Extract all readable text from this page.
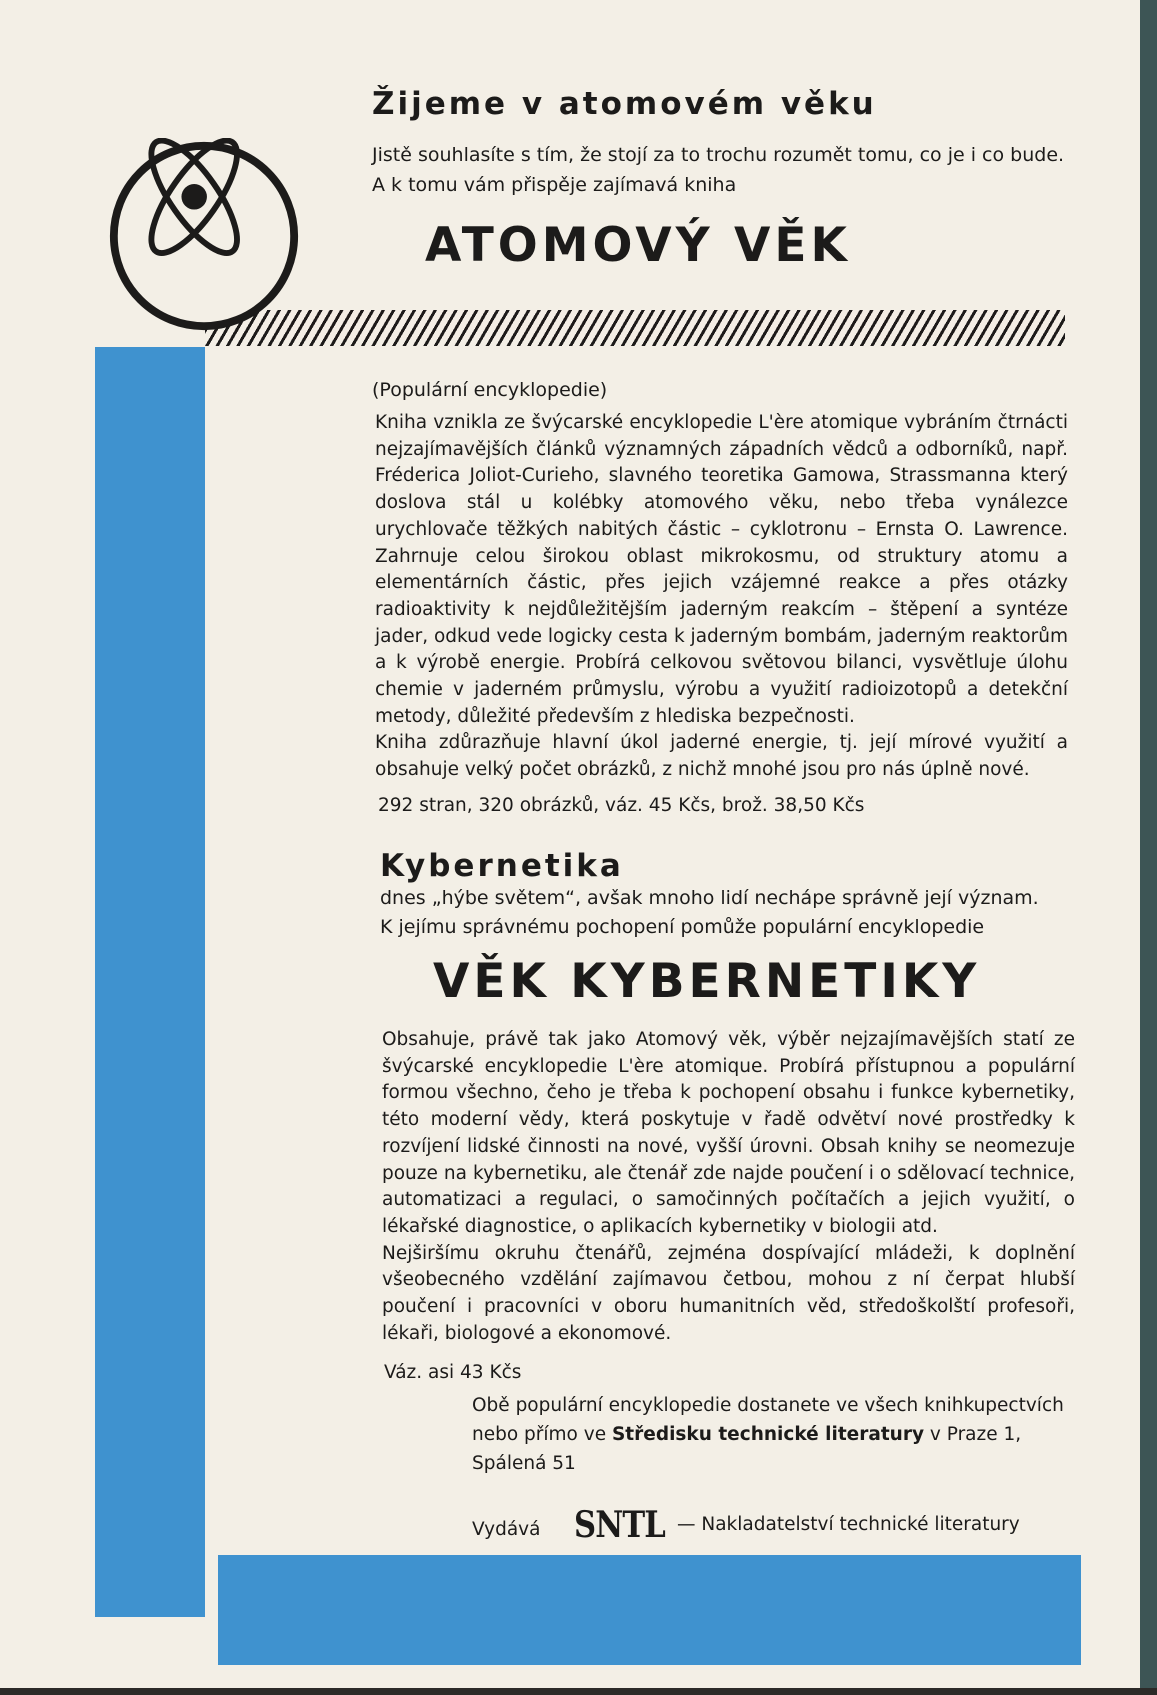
Žijeme v atomovém věku
Jistě souhlasíte s tím, že stojí za to trochu rozumět tomu, co je i co bude.
A k tomu vám přispěje zajímavá kniha
ATOMOVÝ VĚK
(Populární encyklopedie)
Kniha vznikla ze švýcarské encyklopedie L'ère atomique vybráním čtrnácti nejzajímavějších článků významných západních vědců a odborníků, např. Fréderica Joliot-Curieho, slavného teoretika Gamowa, Strassmanna který doslova stál u kolébky atomového věku, nebo třeba vynálezce urychlovače těžkých nabitých částic – cyklotronu – Ernsta O. Lawrence. Zahrnuje celou širokou oblast mikrokosmu, od struktury atomu a elementárních částic, přes jejich vzájemné reakce a přes otázky radioaktivity k nejdůležitějším jaderným reakcím – štěpení a syntéze jader, odkud vede logicky cesta k jaderným bombám, jaderným reaktorům a k výrobě energie. Probírá celkovou světovou bilanci, vysvětluje úlohu chemie v jaderném průmyslu, výrobu a využití radioizotopů a detekční metody, důležité především z hlediska bezpečnosti.
Kniha zdůrazňuje hlavní úkol jaderné energie, tj. její mírové využití a obsahuje velký počet obrázků, z nichž mnohé jsou pro nás úplně nové.
292 stran, 320 obrázků, váz. 45 Kčs, brož. 38,50 Kčs
Kybernetika
dnes „hýbe světem“, avšak mnoho lidí nechápe správně její význam.
K jejímu správnému pochopení pomůže populární encyklopedie
VĚK KYBERNETIKY
Obsahuje, právě tak jako Atomový věk, výběr nejzajímavějších statí ze švýcarské encyklopedie L'ère atomique. Probírá přístupnou a populární formou všechno, čeho je třeba k pochopení obsahu i funkce kybernetiky, této moderní vědy, která poskytuje v řadě odvětví nové prostředky k rozvíjení lidské činnosti na nové, vyšší úrovni. Obsah knihy se neomezuje pouze na kybernetiku, ale čtenář zde najde poučení i o sdělovací technice, automatizaci a regulaci, o samočinných počítačích a jejich využití, o lékařské diagnostice, o aplikacích kybernetiky v biologii atd.
Nejširšímu okruhu čtenářů, zejména dospívající mládeži, k doplnění všeobecného vzdělání zajímavou četbou, mohou z ní čerpat hlubší poučení i pracovníci v oboru humanitních věd, středoškolští profesoři, lékaři, biologové a ekonomové.
Váz. asi 43 Kčs

Obě populární encyklopedie dostanete ve všech knihkupectvích nebo přímo ve Středisku technické literatury v Praze 1, Spálená 51

Vydává SNTL — Nakladatelství technické literatury
